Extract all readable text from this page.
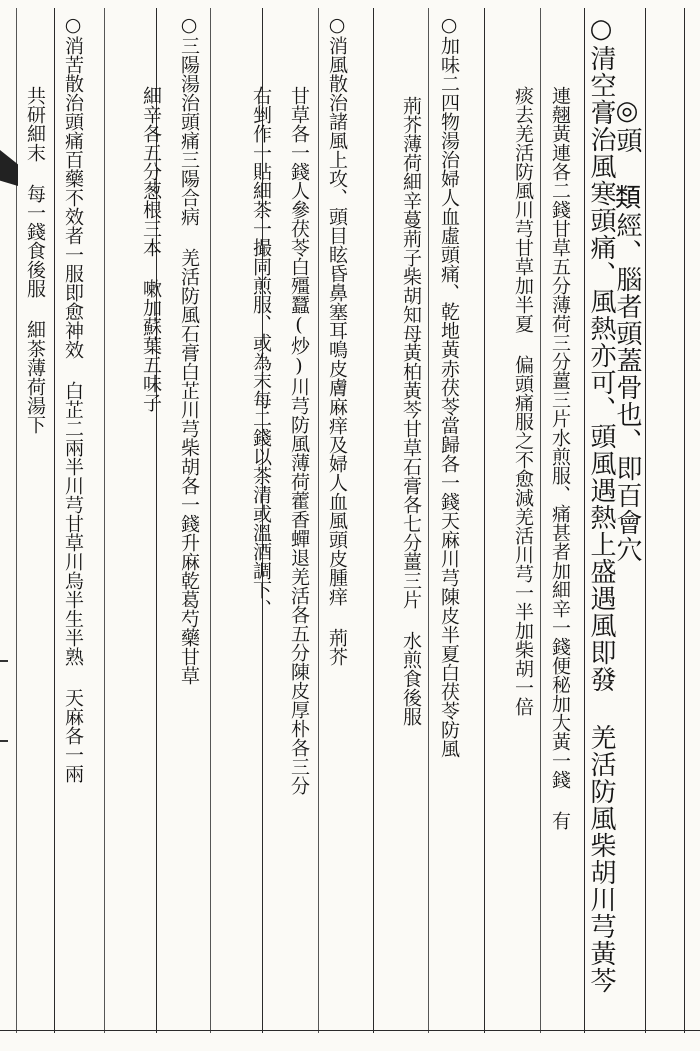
○清空膏治風寒頭痛、風熱亦可、頭風遇熱上盛遇風即發 羌活防風柴胡川芎黃芩
連翹黃連各二錢甘草五分薄荷三分薑三片水煎服、痛甚者加細辛一錢便秘加大黃一錢 有
痰去羌活防風川芎甘草加半夏 偏頭痛服之不愈減羌活川芎一半加柴胡一倍	◎頭 𩔖經、腦者頭蓋骨也、即百會穴
○加味二四物湯治婦人血虛頭痛、乾地黃赤茯苓當歸各一錢天麻川芎陳皮半夏白茯苓防風
荊芥薄荷細辛蔓荊子柴胡知母黃柏黃芩甘草石膏各七分薑三片 水煎食後服
○消風散治諸風上攻、頭目眩昏鼻塞耳鳴皮膚麻痒及婦人血風頭皮腫痒 荊芥
甘草各一錢人參茯苓白殭蠶(炒)川芎防風薄荷藿香蟬退羌活各五分陳皮厚朴各三分
右剉作一貼細茶一撮同煎服、或為末每二錢以茶清或溫酒調下、
○三陽湯治頭痛三陽合病 羌活防風石膏白芷川芎柴胡各一錢升麻乾葛芍藥甘草
細辛各五分葱根三本 嗽加蘇葉五味子
○消苦散治頭痛百藥不效者一服即愈神效 白芷二兩半川芎甘草川烏半生半熟 天麻各一兩
共研細末 每一錢食後服 細茶薄荷湯下
